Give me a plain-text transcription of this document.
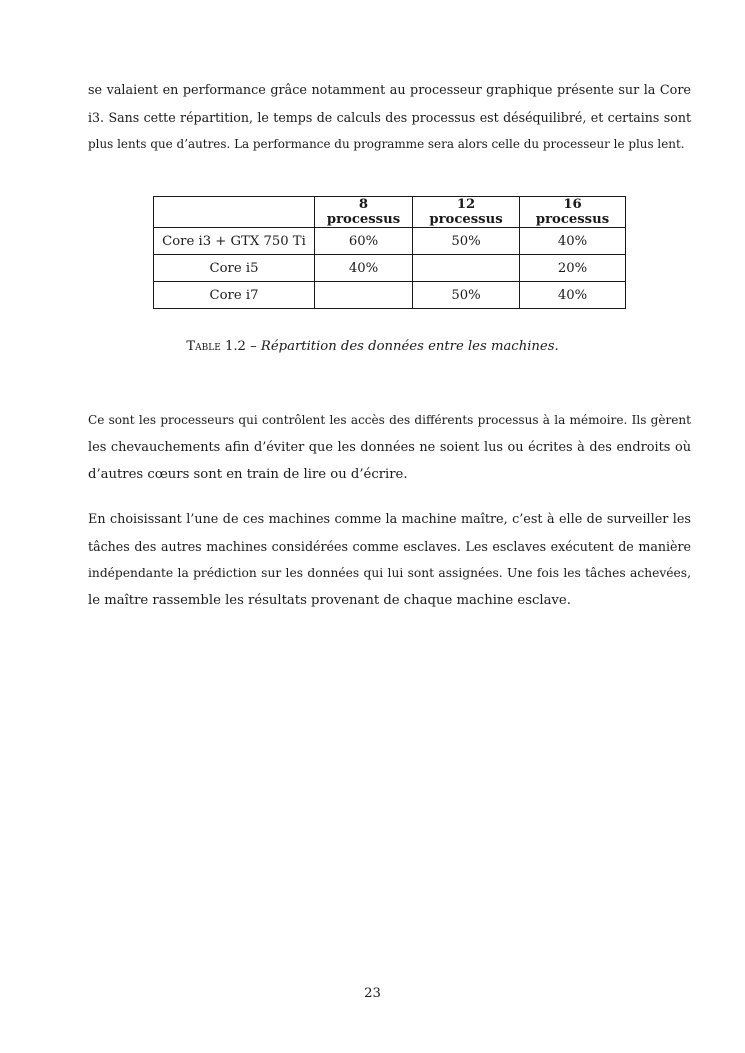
se valaient en performance grâce notamment au processeur graphique présente sur la Core
i3. Sans cette répartition, le temps de calculs des processus est déséquilibré, et certains sont
plus lents que d’autres. La performance du programme sera alors celle du processeur le plus lent.
	8 processus	12 processus	16 processus
Core i3 + GTX 750 Ti	60%	50%	40%
Core i5	40%		20%
Core i7		50%	40%
Table 1.2 – Répartition des données entre les machines.
Ce sont les processeurs qui contrôlent les accès des différents processus à la mémoire. Ils gèrent
les chevauchements afin d’éviter que les données ne soient lus ou écrites à des endroits où
d’autres cœurs sont en train de lire ou d’écrire.
En choisissant l’une de ces machines comme la machine maître, c’est à elle de surveiller les
tâches des autres machines considérées comme esclaves. Les esclaves exécutent de manière
indépendante la prédiction sur les données qui lui sont assignées. Une fois les tâches achevées,
le maître rassemble les résultats provenant de chaque machine esclave.
23
